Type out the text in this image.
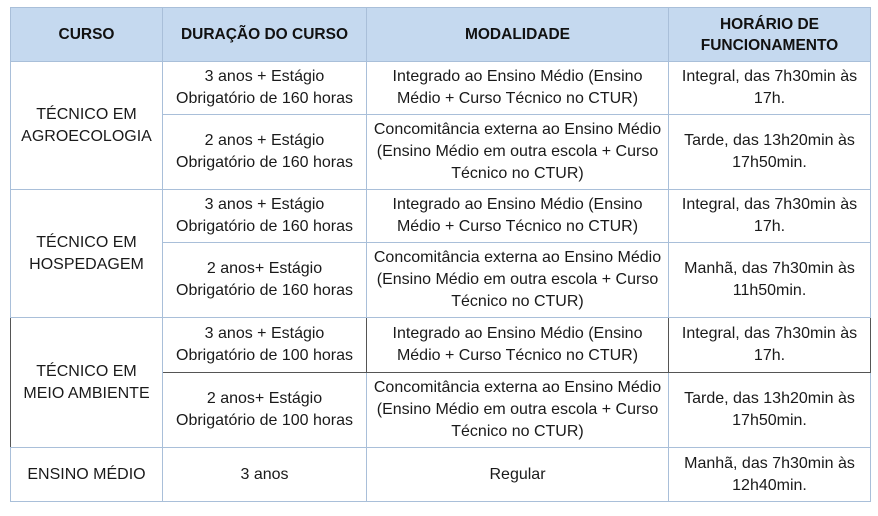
CURSO	DURAÇÃO DO CURSO	MODALIDADE	HORÁRIO DE FUNCIONAMENTO
TÉCNICO EM AGROECOLOGIA	3 anos + Estágio Obrigatório de 160 horas	Integrado ao Ensino Médio (Ensino Médio + Curso Técnico no CTUR)	Integral, das 7h30min às 17h.
	2 anos + Estágio Obrigatório de 160 horas	Concomitância externa ao Ensino Médio (Ensino Médio em outra escola + Curso Técnico no CTUR)	Tarde, das 13h20min às 17h50min.
TÉCNICO EM HOSPEDAGEM	3 anos + Estágio Obrigatório de 160 horas	Integrado ao Ensino Médio (Ensino Médio + Curso Técnico no CTUR)	Integral, das 7h30min às 17h.
	2 anos+ Estágio Obrigatório de 160 horas	Concomitância externa ao Ensino Médio (Ensino Médio em outra escola + Curso Técnico no CTUR)	Manhã, das 7h30min às 11h50min.
TÉCNICO EM MEIO AMBIENTE	3 anos + Estágio Obrigatório de 100 horas	Integrado ao Ensino Médio (Ensino Médio + Curso Técnico no CTUR)	Integral, das 7h30min às 17h.
	2 anos+ Estágio Obrigatório de 100 horas	Concomitância externa ao Ensino Médio (Ensino Médio em outra escola + Curso Técnico no CTUR)	Tarde, das 13h20min às 17h50min.
ENSINO MÉDIO	3 anos	Regular	Manhã, das 7h30min às 12h40min.
